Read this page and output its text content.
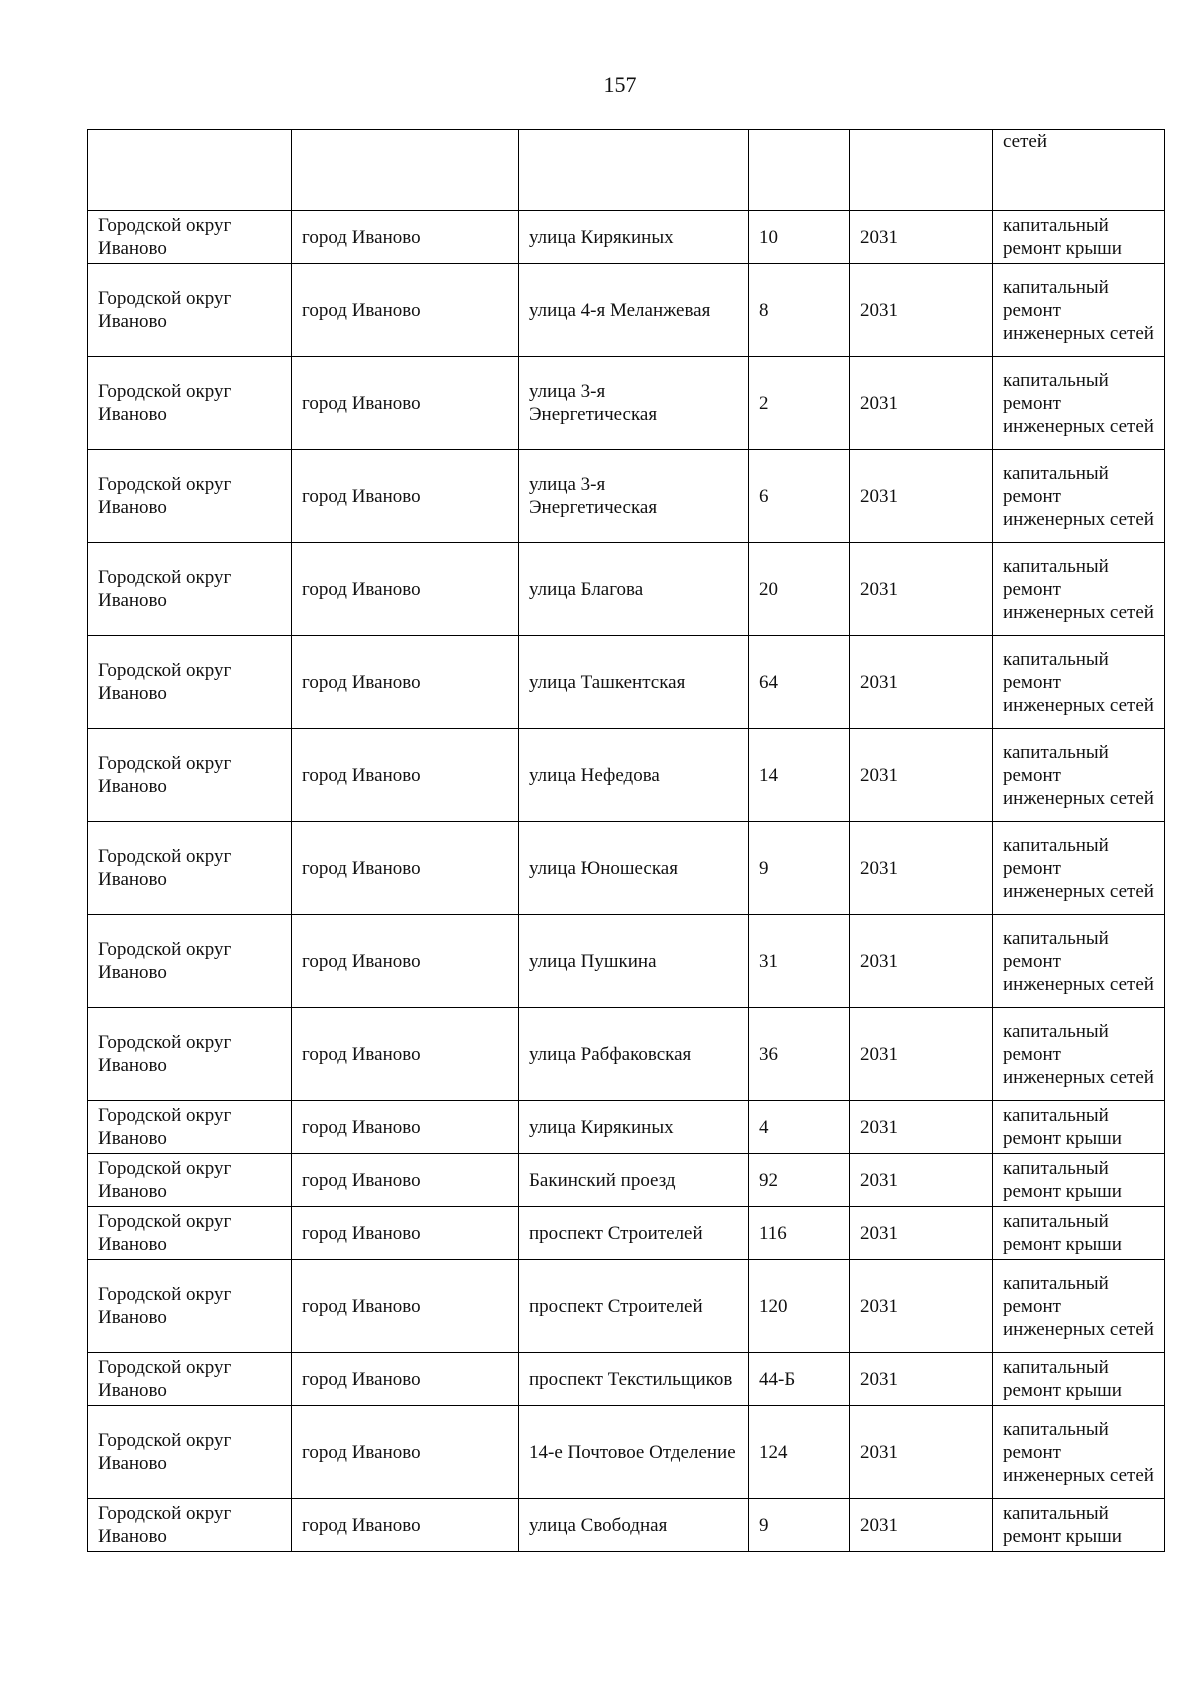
157
					сетей
Городской округ Иваново	город Иваново	улица Кирякиных	10	2031	капитальный ремонт крыши
Городской округ Иваново	город Иваново	улица 4-я Меланжевая	8	2031	капитальный ремонт инженерных сетей
Городской округ Иваново	город Иваново	улица 3-я Энергетическая	2	2031	капитальный ремонт инженерных сетей
Городской округ Иваново	город Иваново	улица 3-я Энергетическая	6	2031	капитальный ремонт инженерных сетей
Городской округ Иваново	город Иваново	улица Благова	20	2031	капитальный ремонт инженерных сетей
Городской округ Иваново	город Иваново	улица Ташкентская	64	2031	капитальный ремонт инженерных сетей
Городской округ Иваново	город Иваново	улица Нефедова	14	2031	капитальный ремонт инженерных сетей
Городской округ Иваново	город Иваново	улица Юношеская	9	2031	капитальный ремонт инженерных сетей
Городской округ Иваново	город Иваново	улица Пушкина	31	2031	капитальный ремонт инженерных сетей
Городской округ Иваново	город Иваново	улица Рабфаковская	36	2031	капитальный ремонт инженерных сетей
Городской округ Иваново	город Иваново	улица Кирякиных	4	2031	капитальный ремонт крыши
Городской округ Иваново	город Иваново	Бакинский проезд	92	2031	капитальный ремонт крыши
Городской округ Иваново	город Иваново	проспект Строителей	116	2031	капитальный ремонт крыши
Городской округ Иваново	город Иваново	проспект Строителей	120	2031	капитальный ремонт инженерных сетей
Городской округ Иваново	город Иваново	проспект Текстильщиков	44-Б	2031	капитальный ремонт крыши
Городской округ Иваново	город Иваново	14-е Почтовое Отделение	124	2031	капитальный ремонт инженерных сетей
Городской округ Иваново	город Иваново	улица Свободная	9	2031	капитальный ремонт крыши
